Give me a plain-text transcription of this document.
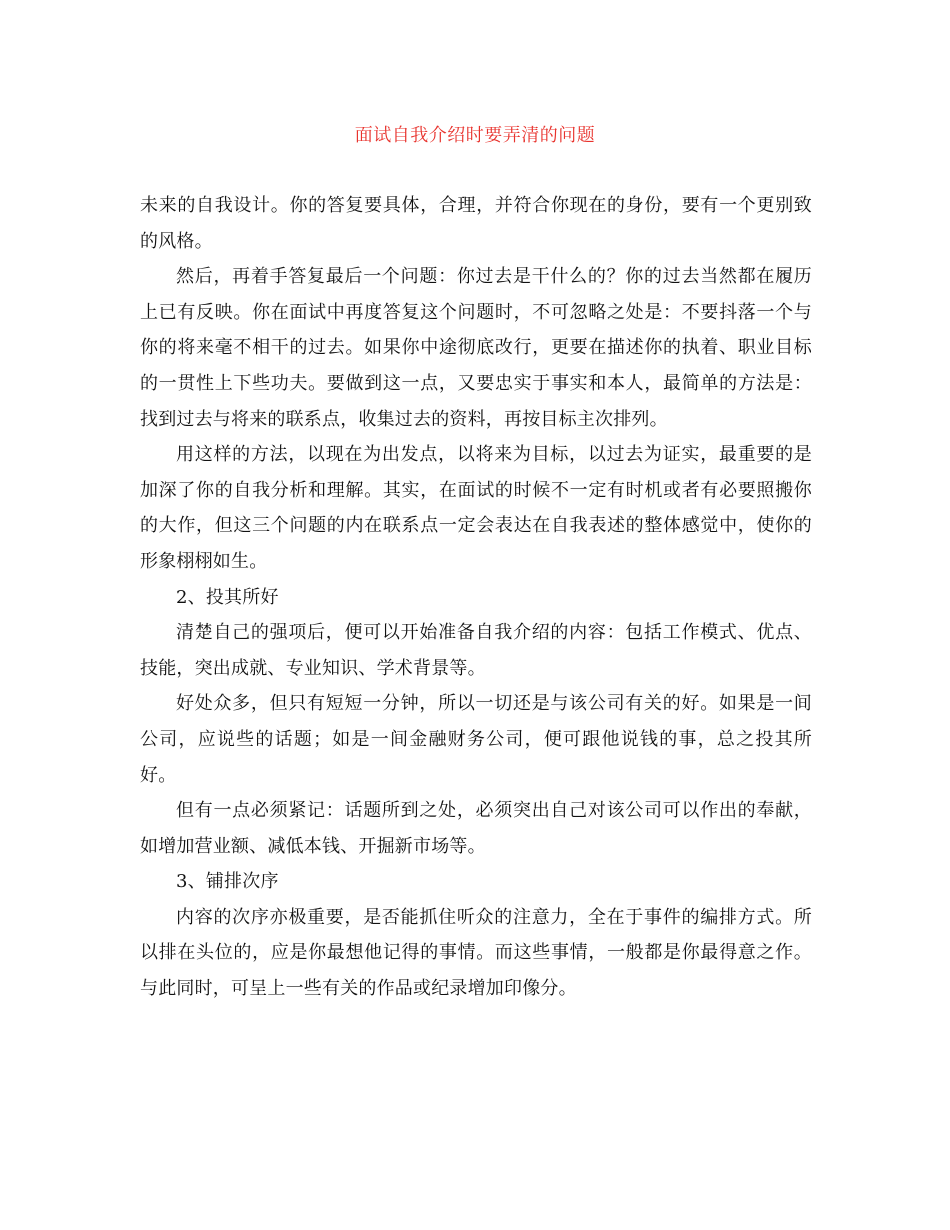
面试自我介绍时要弄清的问题

未来的自我设计。你的答复要具体，合理，并符合你现在的身份，要有一个更别致的风格。

然后，再着手答复最后一个问题：你过去是干什么的？你的过去当然都在履历上已有反映。你在面试中再度答复这个问题时，不可忽略之处是：不要抖落一个与你的将来毫不相干的过去。如果你中途彻底改行，更要在描述你的执着、职业目标的一贯性上下些功夫。要做到这一点，又要忠实于事实和本人，最简单的方法是：找到过去与将来的联系点，收集过去的资料，再按目标主次排列。

用这样的方法，以现在为出发点，以将来为目标，以过去为证实，最重要的是加深了你的自我分析和理解。其实，在面试的时候不一定有时机或者有必要照搬你的大作，但这三个问题的内在联系点一定会表达在自我表述的整体感觉中，使你的形象栩栩如生。

2、投其所好

清楚自己的强项后，便可以开始准备自我介绍的内容：包括工作模式、优点、技能，突出成就、专业知识、学术背景等。

好处众多，但只有短短一分钟，所以一切还是与该公司有关的好。如果是一间公司，应说些的话题；如是一间金融财务公司，便可跟他说钱的事，总之投其所好。

但有一点必须紧记：话题所到之处，必须突出自己对该公司可以作出的奉献，如增加营业额、减低本钱、开掘新市场等。

3、铺排次序

内容的次序亦极重要，是否能抓住听众的注意力，全在于事件的编排方式。所以排在头位的，应是你最想他记得的事情。而这些事情，一般都是你最得意之作。与此同时，可呈上一些有关的作品或纪录增加印像分。
